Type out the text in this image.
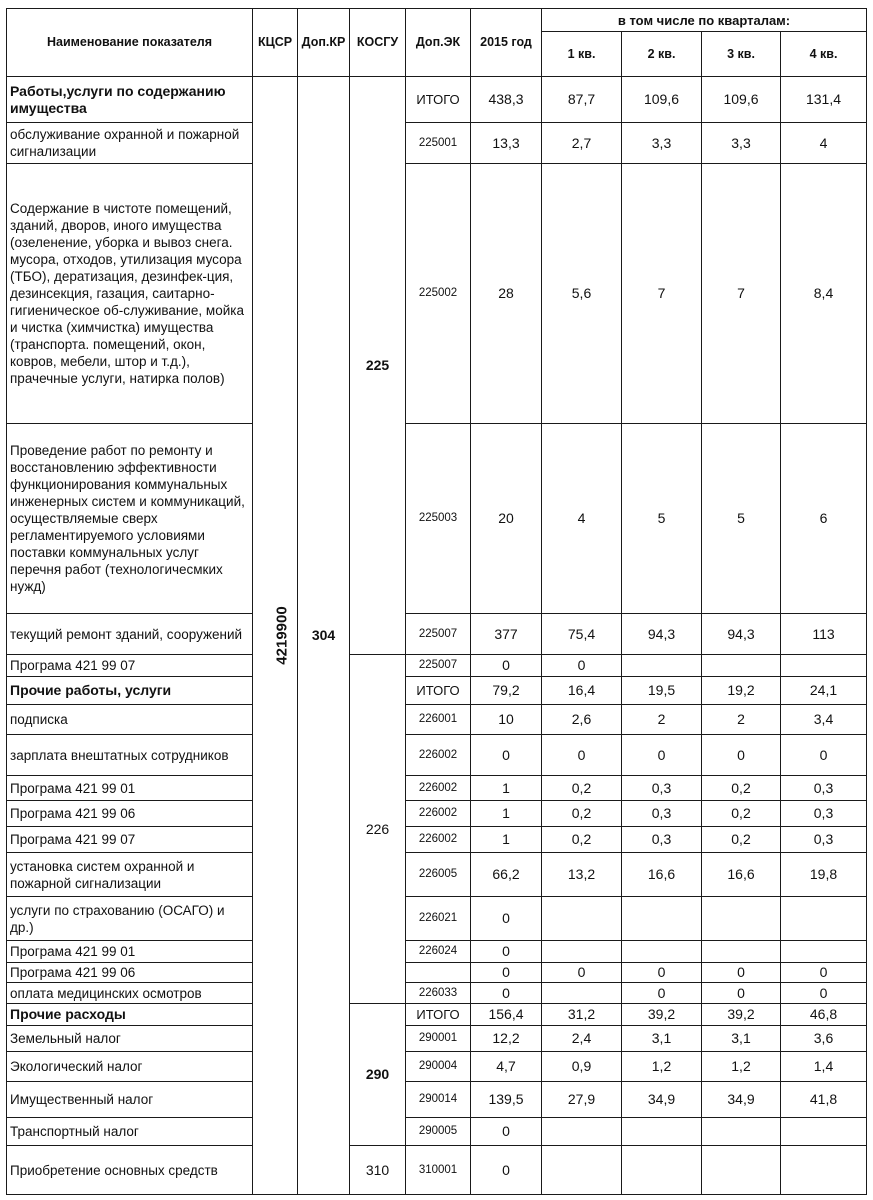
Наименование показателя	КЦСР	Доп.КР	КОСГУ	Доп.ЭК	2015 год	в том числе по кварталам:			
						1 кв.	2 кв.	3 кв.	4 кв.
Работы,услуги по содержанию имущества	4219900	304	225	ИТОГО	438,3	87,7	109,6	109,6	131,4
обслуживание охранной и пожарной сигнализации				225001	13,3	2,7	3,3	3,3	4
Содержание в чистоте помещений, зданий, дворов, иного имущества (озеленение, уборка и вывоз снега. мусора, отходов, утилизация мусора (ТБО), дератизация, дезинфек-ция, дезинсекция, газация, саитарно-гигиеническое об-служивание, мойка и чистка (химчистка) имущества (транспорта. помещений, окон, ковров, мебели, штор и т.д.), прачечные услуги, натирка полов)				225002	28	5,6	7	7	8,4
Проведение работ по ремонту и восстановлению эффективности функционирования коммунальных инженерных систем и коммуникаций, осуществляемые сверх регламентируемого условиями поставки коммунальных услуг перечня работ (технологичесмких нужд)				225003	20	4	5	5	6
текущий ремонт зданий, сооружений				225007	377	75,4	94,3	94,3	113
Програма 421 99 07			226	225007	0	0			
Прочие работы, услуги				ИТОГО	79,2	16,4	19,5	19,2	24,1
подписка				226001	10	2,6	2	2	3,4
зарплата внештатных сотрудников				226002	0	0	0	0	0
Програма 421 99 01				226002	1	0,2	0,3	0,2	0,3
Програма 421 99 06				226002	1	0,2	0,3	0,2	0,3
Програма 421 99 07				226002	1	0,2	0,3	0,2	0,3
установка систем охранной и пожарной сигнализации				226005	66,2	13,2	16,6	16,6	19,8
услуги по страхованию (ОСАГО) и др.)				226021	0				
Програма 421 99 01				226024	0				
Програма 421 99 06					0	0	0	0	0
оплата медицинских осмотров				226033	0		0	0	0
Прочие расходы			290	ИТОГО	156,4	31,2	39,2	39,2	46,8
Земельный налог				290001	12,2	2,4	3,1	3,1	3,6
Экологический налог				290004	4,7	0,9	1,2	1,2	1,4
Имущественный налог				290014	139,5	27,9	34,9	34,9	41,8
Транспортный налог				290005	0				
Приобретение основных средств			310	310001	0				
